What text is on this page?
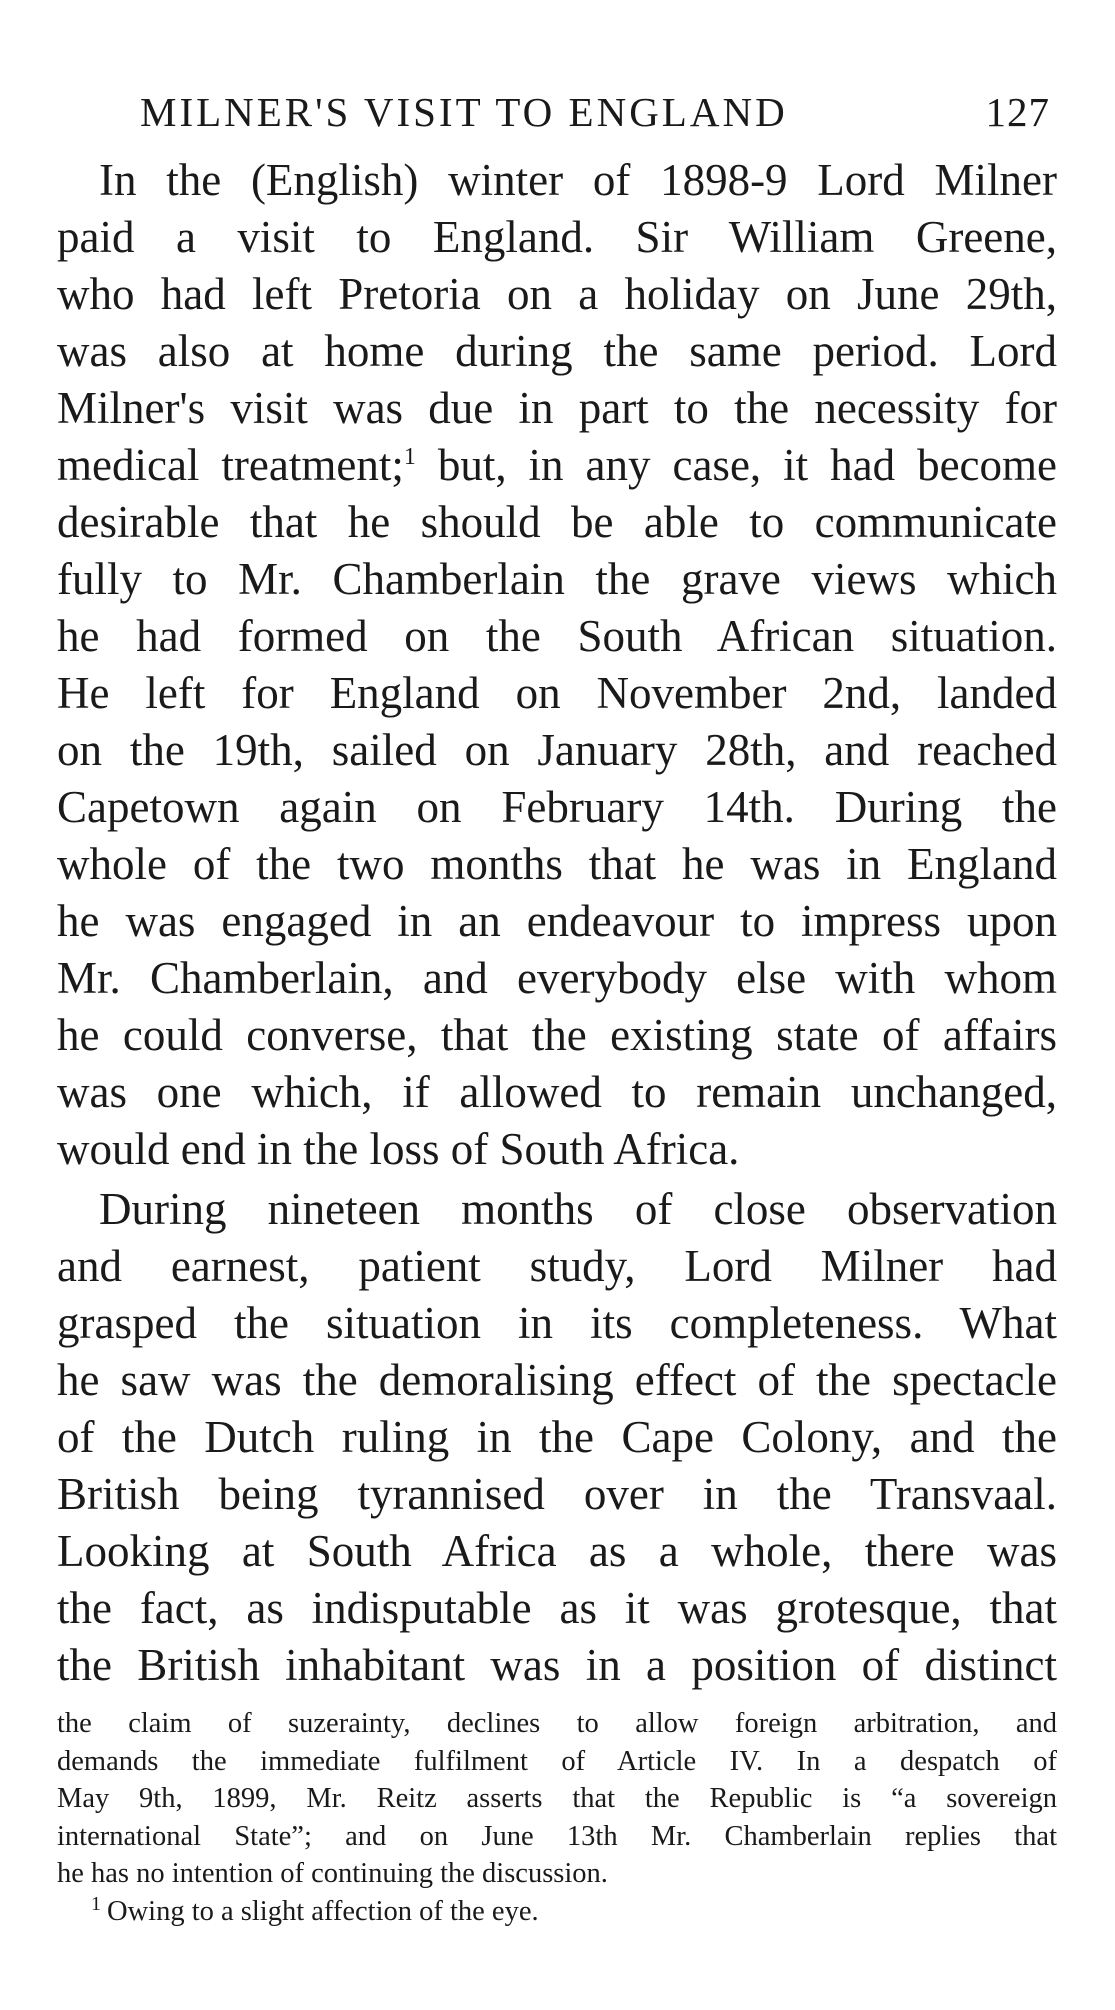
MILNER'S VISIT TO ENGLAND	127
In the (English) winter of 1898-9 Lord Milner
paid a visit to England. Sir William Greene,
who had left Pretoria on a holiday on June 29th,
was also at home during the same period. Lord
Milner's visit was due in part to the necessity for
medical treatment;$^1$ but, in any case, it had become
desirable that he should be able to communicate
fully to Mr. Chamberlain the grave views which
he had formed on the South African situation.
He left for England on November 2nd, landed
on the 19th, sailed on January 28th, and reached
Capetown again on February 14th. During the
whole of the two months that he was in England
he was engaged in an endeavour to impress upon
Mr. Chamberlain, and everybody else with whom
he could converse, that the existing state of affairs
was one which, if allowed to remain unchanged,
would end in the loss of South Africa.
During nineteen months of close observation
and earnest, patient study, Lord Milner had
grasped the situation in its completeness. What
he saw was the demoralising effect of the spectacle
of the Dutch ruling in the Cape Colony, and the
British being tyrannised over in the Transvaal.
Looking at South Africa as a whole, there was
the fact, as indisputable as it was grotesque, that
the British inhabitant was in a position of distinct
the claim of suzerainty, declines to allow foreign arbitration, and
demands the immediate fulfilment of Article IV. In a despatch of
May 9th, 1899, Mr. Reitz asserts that the Republic is “a sovereign
international State”; and on June 13th Mr. Chamberlain replies that
he has no intention of continuing the discussion.
$^1$ Owing to a slight affection of the eye.
